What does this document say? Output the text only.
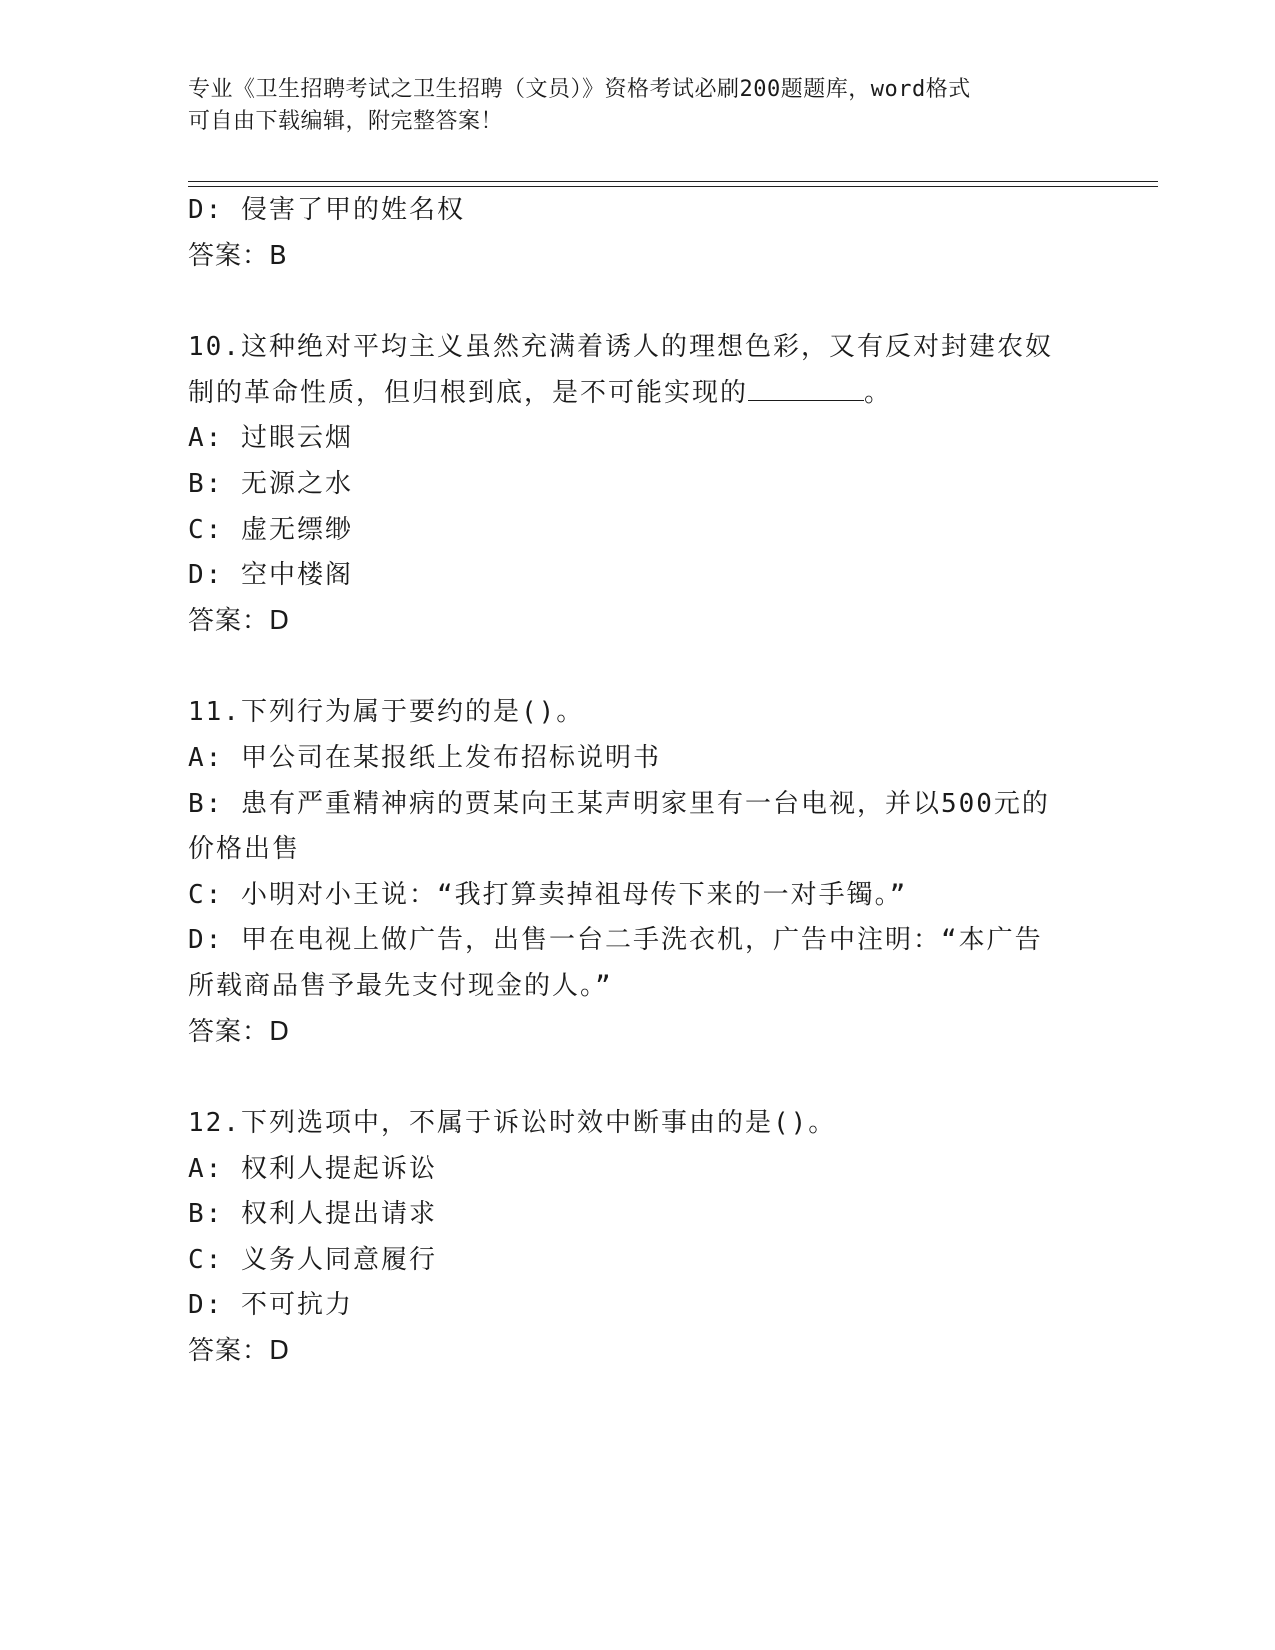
专业《卫生招聘考试之卫生招聘（文员）》资格考试必刷200题题库，word格式
可自由下载编辑，附完整答案！
D: 侵害了甲的姓名权
答案：B
10.这种绝对平均主义虽然充满着诱人的理想色彩，又有反对封建农奴
制的革命性质，但归根到底，是不可能实现的	。
A: 过眼云烟
B: 无源之水
C: 虚无缥缈
D: 空中楼阁
答案：D
11.下列行为属于要约的是()。
A: 甲公司在某报纸上发布招标说明书
B: 患有严重精神病的贾某向王某声明家里有一台电视，并以500元的
价格出售
C: 小明对小王说：“我打算卖掉祖母传下来的一对手镯。”
D: 甲在电视上做广告，出售一台二手洗衣机，广告中注明：“本广告
所载商品售予最先支付现金的人。”
答案：D
12.下列选项中，不属于诉讼时效中断事由的是()。
A: 权利人提起诉讼
B: 权利人提出请求
C: 义务人同意履行
D: 不可抗力
答案：D
